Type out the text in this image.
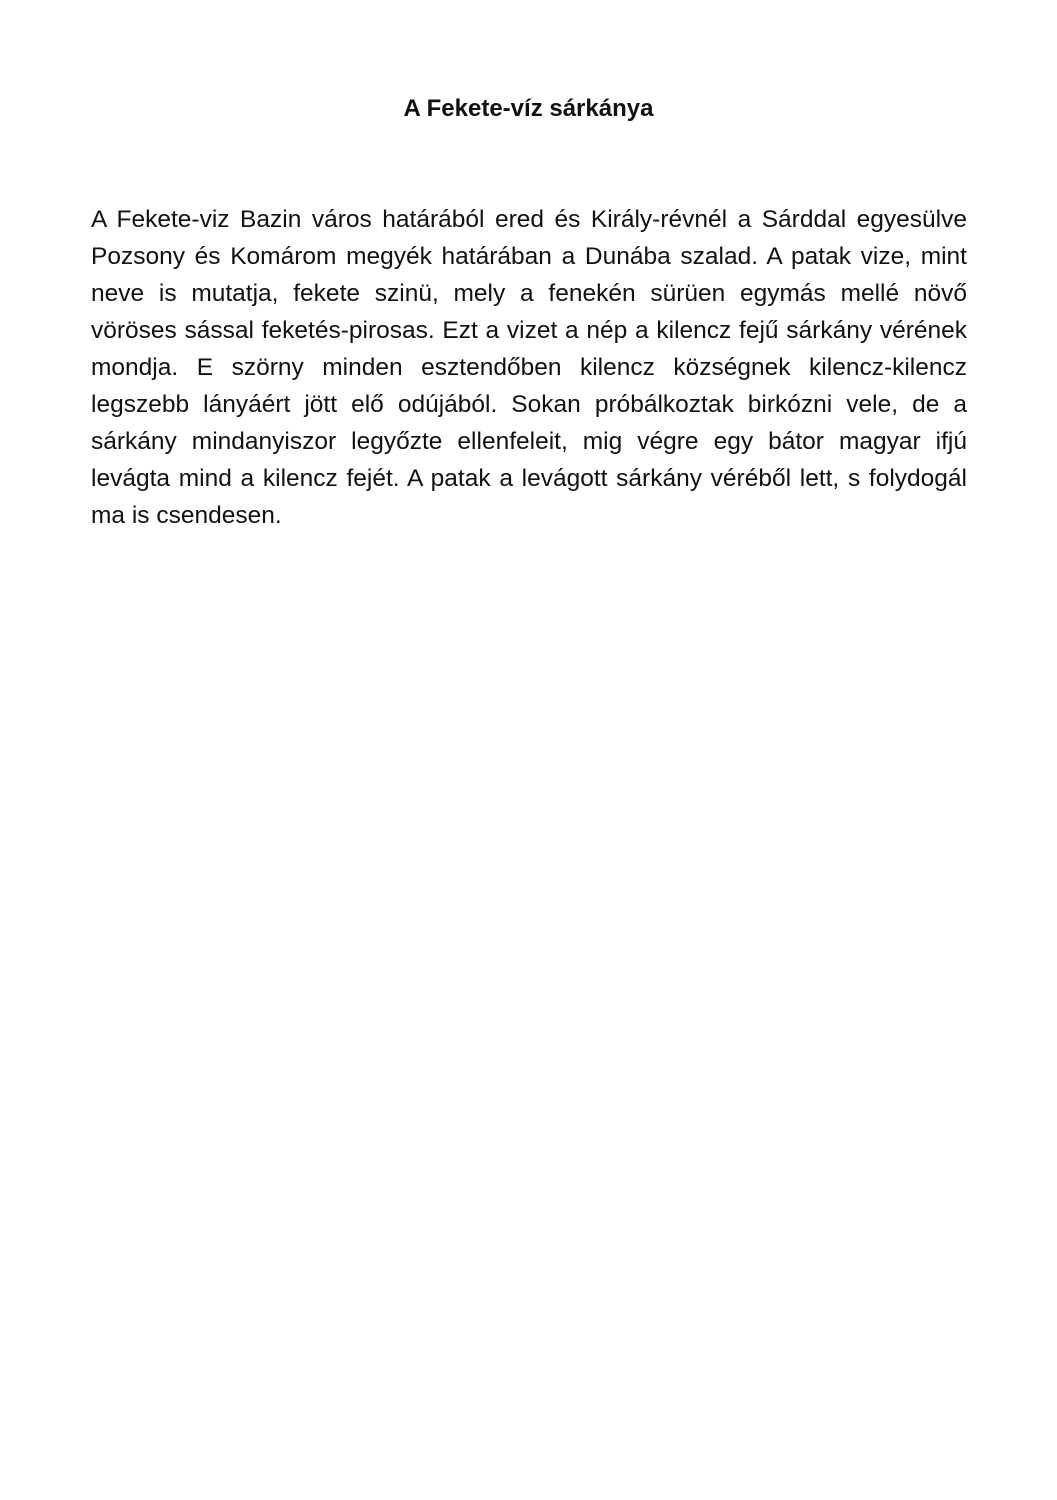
A Fekete-víz sárkánya

A Fekete-viz Bazin város határából ered és Király-révnél a Sárddal egyesülve Pozsony és Komárom megyék határában a Dunába szalad. A patak vize, mint neve is mutatja, fekete szinü, mely a fenekén sürüen egymás mellé növő vöröses sással feketés-pirosas. Ezt a vizet a nép a kilencz fejű sárkány vérének mondja. E szörny minden esztendőben kilencz községnek kilencz-kilencz legszebb lányáért jött elő odújából. Sokan próbálkoztak birkózni vele, de a sárkány mindanyiszor legyőzte ellenfeleit, mig végre egy bátor magyar ifjú levágta mind a kilencz fejét. A patak a levágott sárkány véréből lett, s folydogál ma is csendesen.
